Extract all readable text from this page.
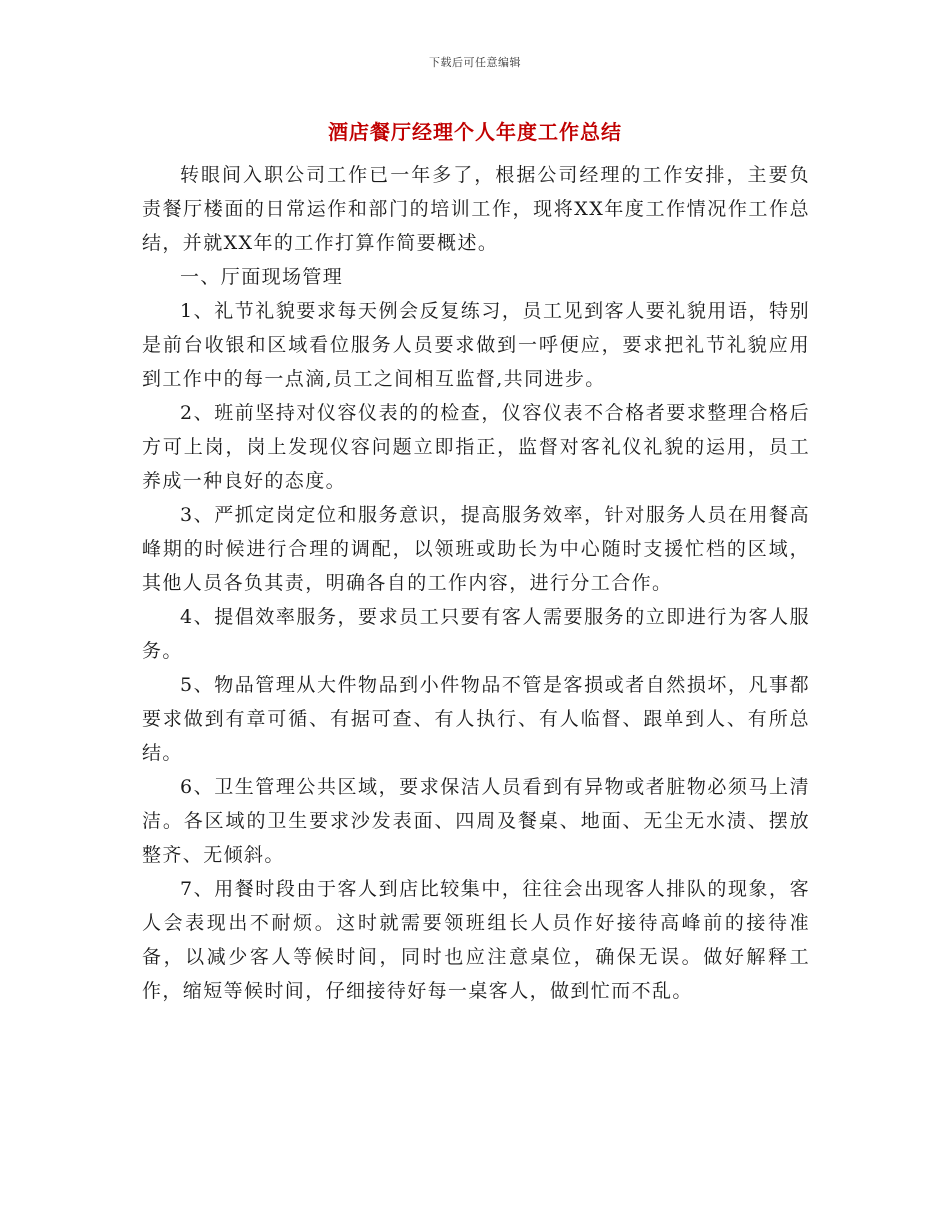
下载后可任意编辑
酒店餐厅经理个人年度工作总结

转眼间入职公司工作已一年多了，根据公司经理的工作安排，主要负责餐厅楼面的日常运作和部门的培训工作，现将XX年度工作情况作工作总结，并就XX年的工作打算作简要概述。

一、厅面现场管理

1、礼节礼貌要求每天例会反复练习，员工见到客人要礼貌用语，特别是前台收银和区域看位服务人员要求做到一呼便应，要求把礼节礼貌应用到工作中的每一点滴,员工之间相互监督,共同进步。

2、班前坚持对仪容仪表的的检查，仪容仪表不合格者要求整理合格后方可上岗，岗上发现仪容问题立即指正，监督对客礼仪礼貌的运用，员工养成一种良好的态度。

3、严抓定岗定位和服务意识，提高服务效率，针对服务人员在用餐高峰期的时候进行合理的调配，以领班或助长为中心随时支援忙档的区域，其他人员各负其责，明确各自的工作内容，进行分工合作。

4、提倡效率服务，要求员工只要有客人需要服务的立即进行为客人服务。

5、物品管理从大件物品到小件物品不管是客损或者自然损坏，凡事都要求做到有章可循、有据可查、有人执行、有人临督、跟单到人、有所总结。

6、卫生管理公共区域，要求保洁人员看到有异物或者脏物必须马上清洁。各区域的卫生要求沙发表面、四周及餐桌、地面、无尘无水渍、摆放整齐、无倾斜。

7、用餐时段由于客人到店比较集中，往往会出现客人排队的现象，客人会表现出不耐烦。这时就需要领班组长人员作好接待高峰前的接待准备，以减少客人等候时间，同时也应注意桌位，确保无误。做好解释工作，缩短等候时间，仔细接待好每一桌客人，做到忙而不乱。
